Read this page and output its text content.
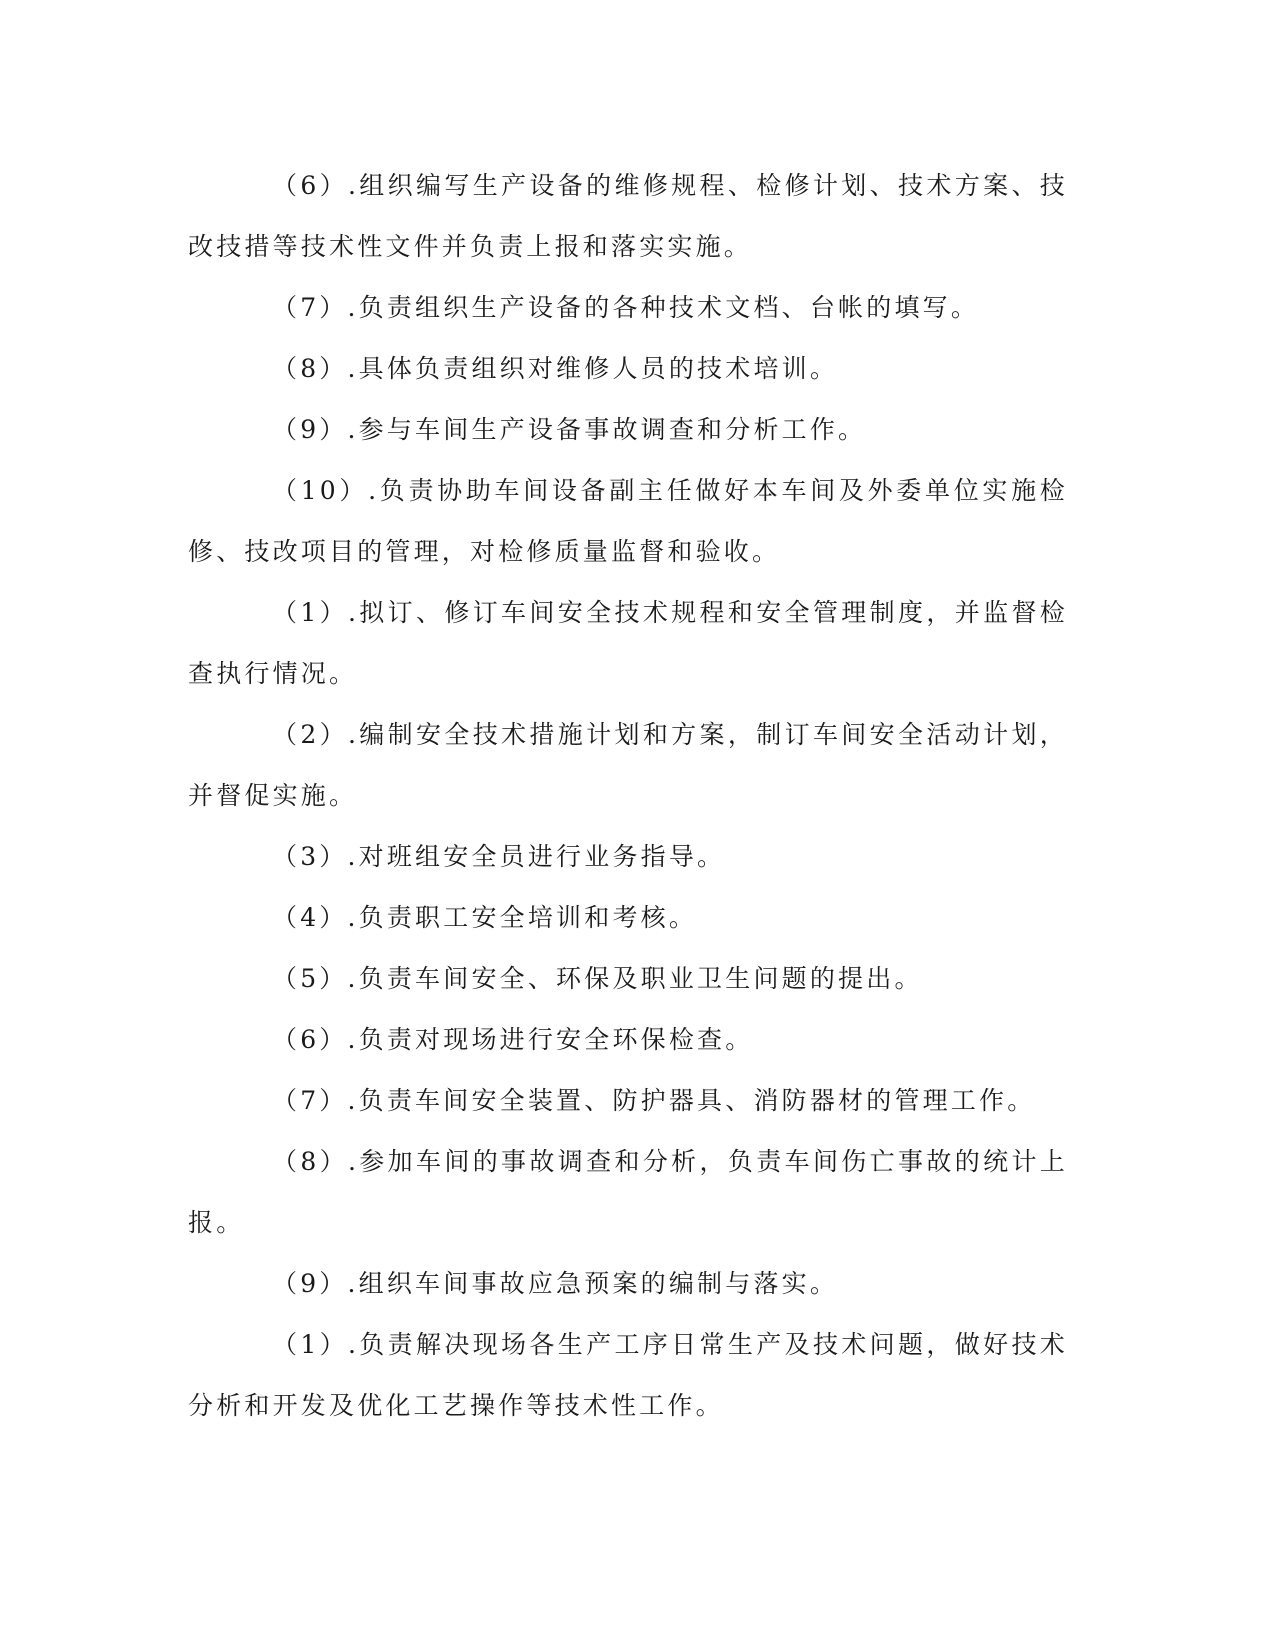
（6）.组织编写生产设备的维修规程、检修计划、技术方案、技改技措等技术性文件并负责上报和落实实施。

（7）.负责组织生产设备的各种技术文档、台帐的填写。

（8）.具体负责组织对维修人员的技术培训。

（9）.参与车间生产设备事故调查和分析工作。

（10）.负责协助车间设备副主任做好本车间及外委单位实施检修、技改项目的管理，对检修质量监督和验收。

（1）.拟订、修订车间安全技术规程和安全管理制度，并监督检查执行情况。

（2）.编制安全技术措施计划和方案，制订车间安全活动计划，并督促实施。

（3）.对班组安全员进行业务指导。

（4）.负责职工安全培训和考核。

（5）.负责车间安全、环保及职业卫生问题的提出。

（6）.负责对现场进行安全环保检查。

（7）.负责车间安全装置、防护器具、消防器材的管理工作。

（8）.参加车间的事故调查和分析，负责车间伤亡事故的统计上报。

（9）.组织车间事故应急预案的编制与落实。

（1）.负责解决现场各生产工序日常生产及技术问题，做好技术分析和开发及优化工艺操作等技术性工作。
